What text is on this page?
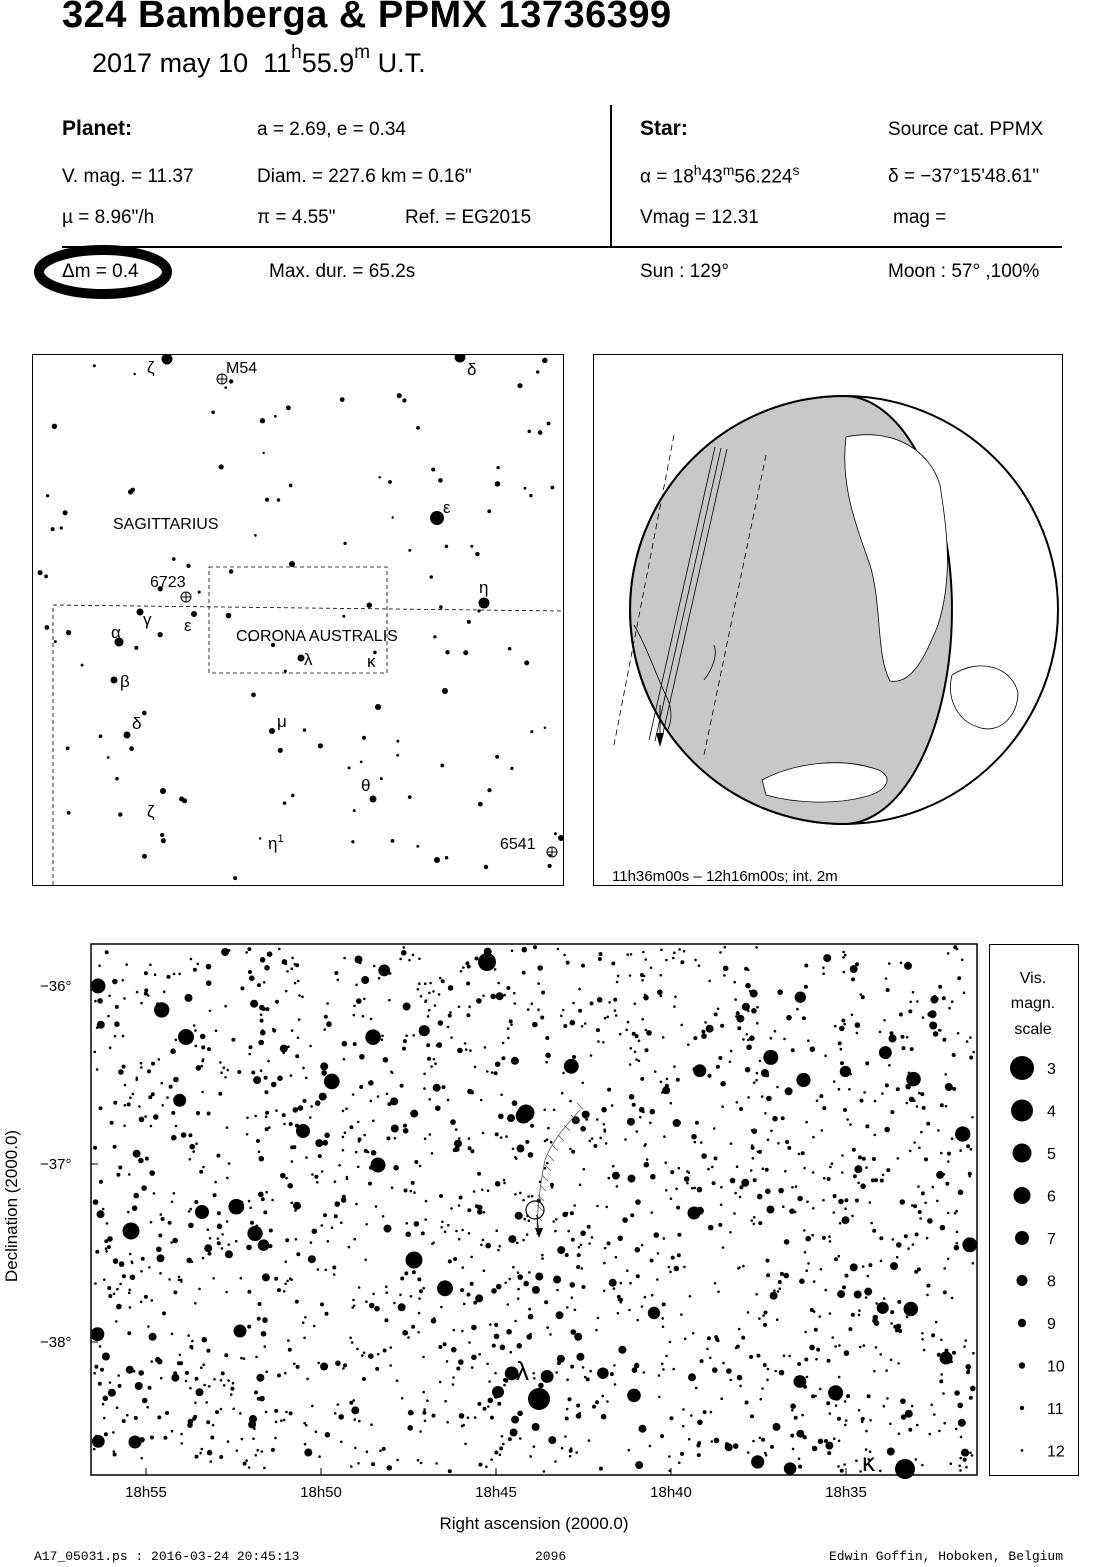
324 Bamberga & PPMX 13736399
2017 may 10 11$^h$55.9$^m$ U.T.
Planet:	a = 2.69, e = 0.34
V. mag. = 11.37	Diam. = 227.6 km = 0.16"
µ = 8.96"/h	π = 4.55"	Ref. = EG2015
Star:	Source cat. PPMX
$\alpha = 18^h43^m56.224^s$	δ = −37°15'48.61"
Vmag = 12.31	mag =
Δm = 0.4	Max. dur. = 65.2s	Sun : 129°	Moon : 57° ,100%
SAGITTARIUS
CORONA AUSTRALIS
M54
6723
6541
ζ	δ
ε
η
α
γ ε
λ	κ
β
δ	μ
θ
ζ
$\eta^1$
11h36m00s – 12h16m00s; int. 2m
Declination (2000.0)
−36°
−37°
−38°
18h55	18h50	18h45	18h40	18h35
Right ascension (2000.0)
λ
κ
Vis.
magn.
scale
3
4
5
6
7
8
9
10
11
12
A17_05031.ps : 2016-03-24 20:45:13	2096	Edwin Goffin, Hoboken, Belgium
